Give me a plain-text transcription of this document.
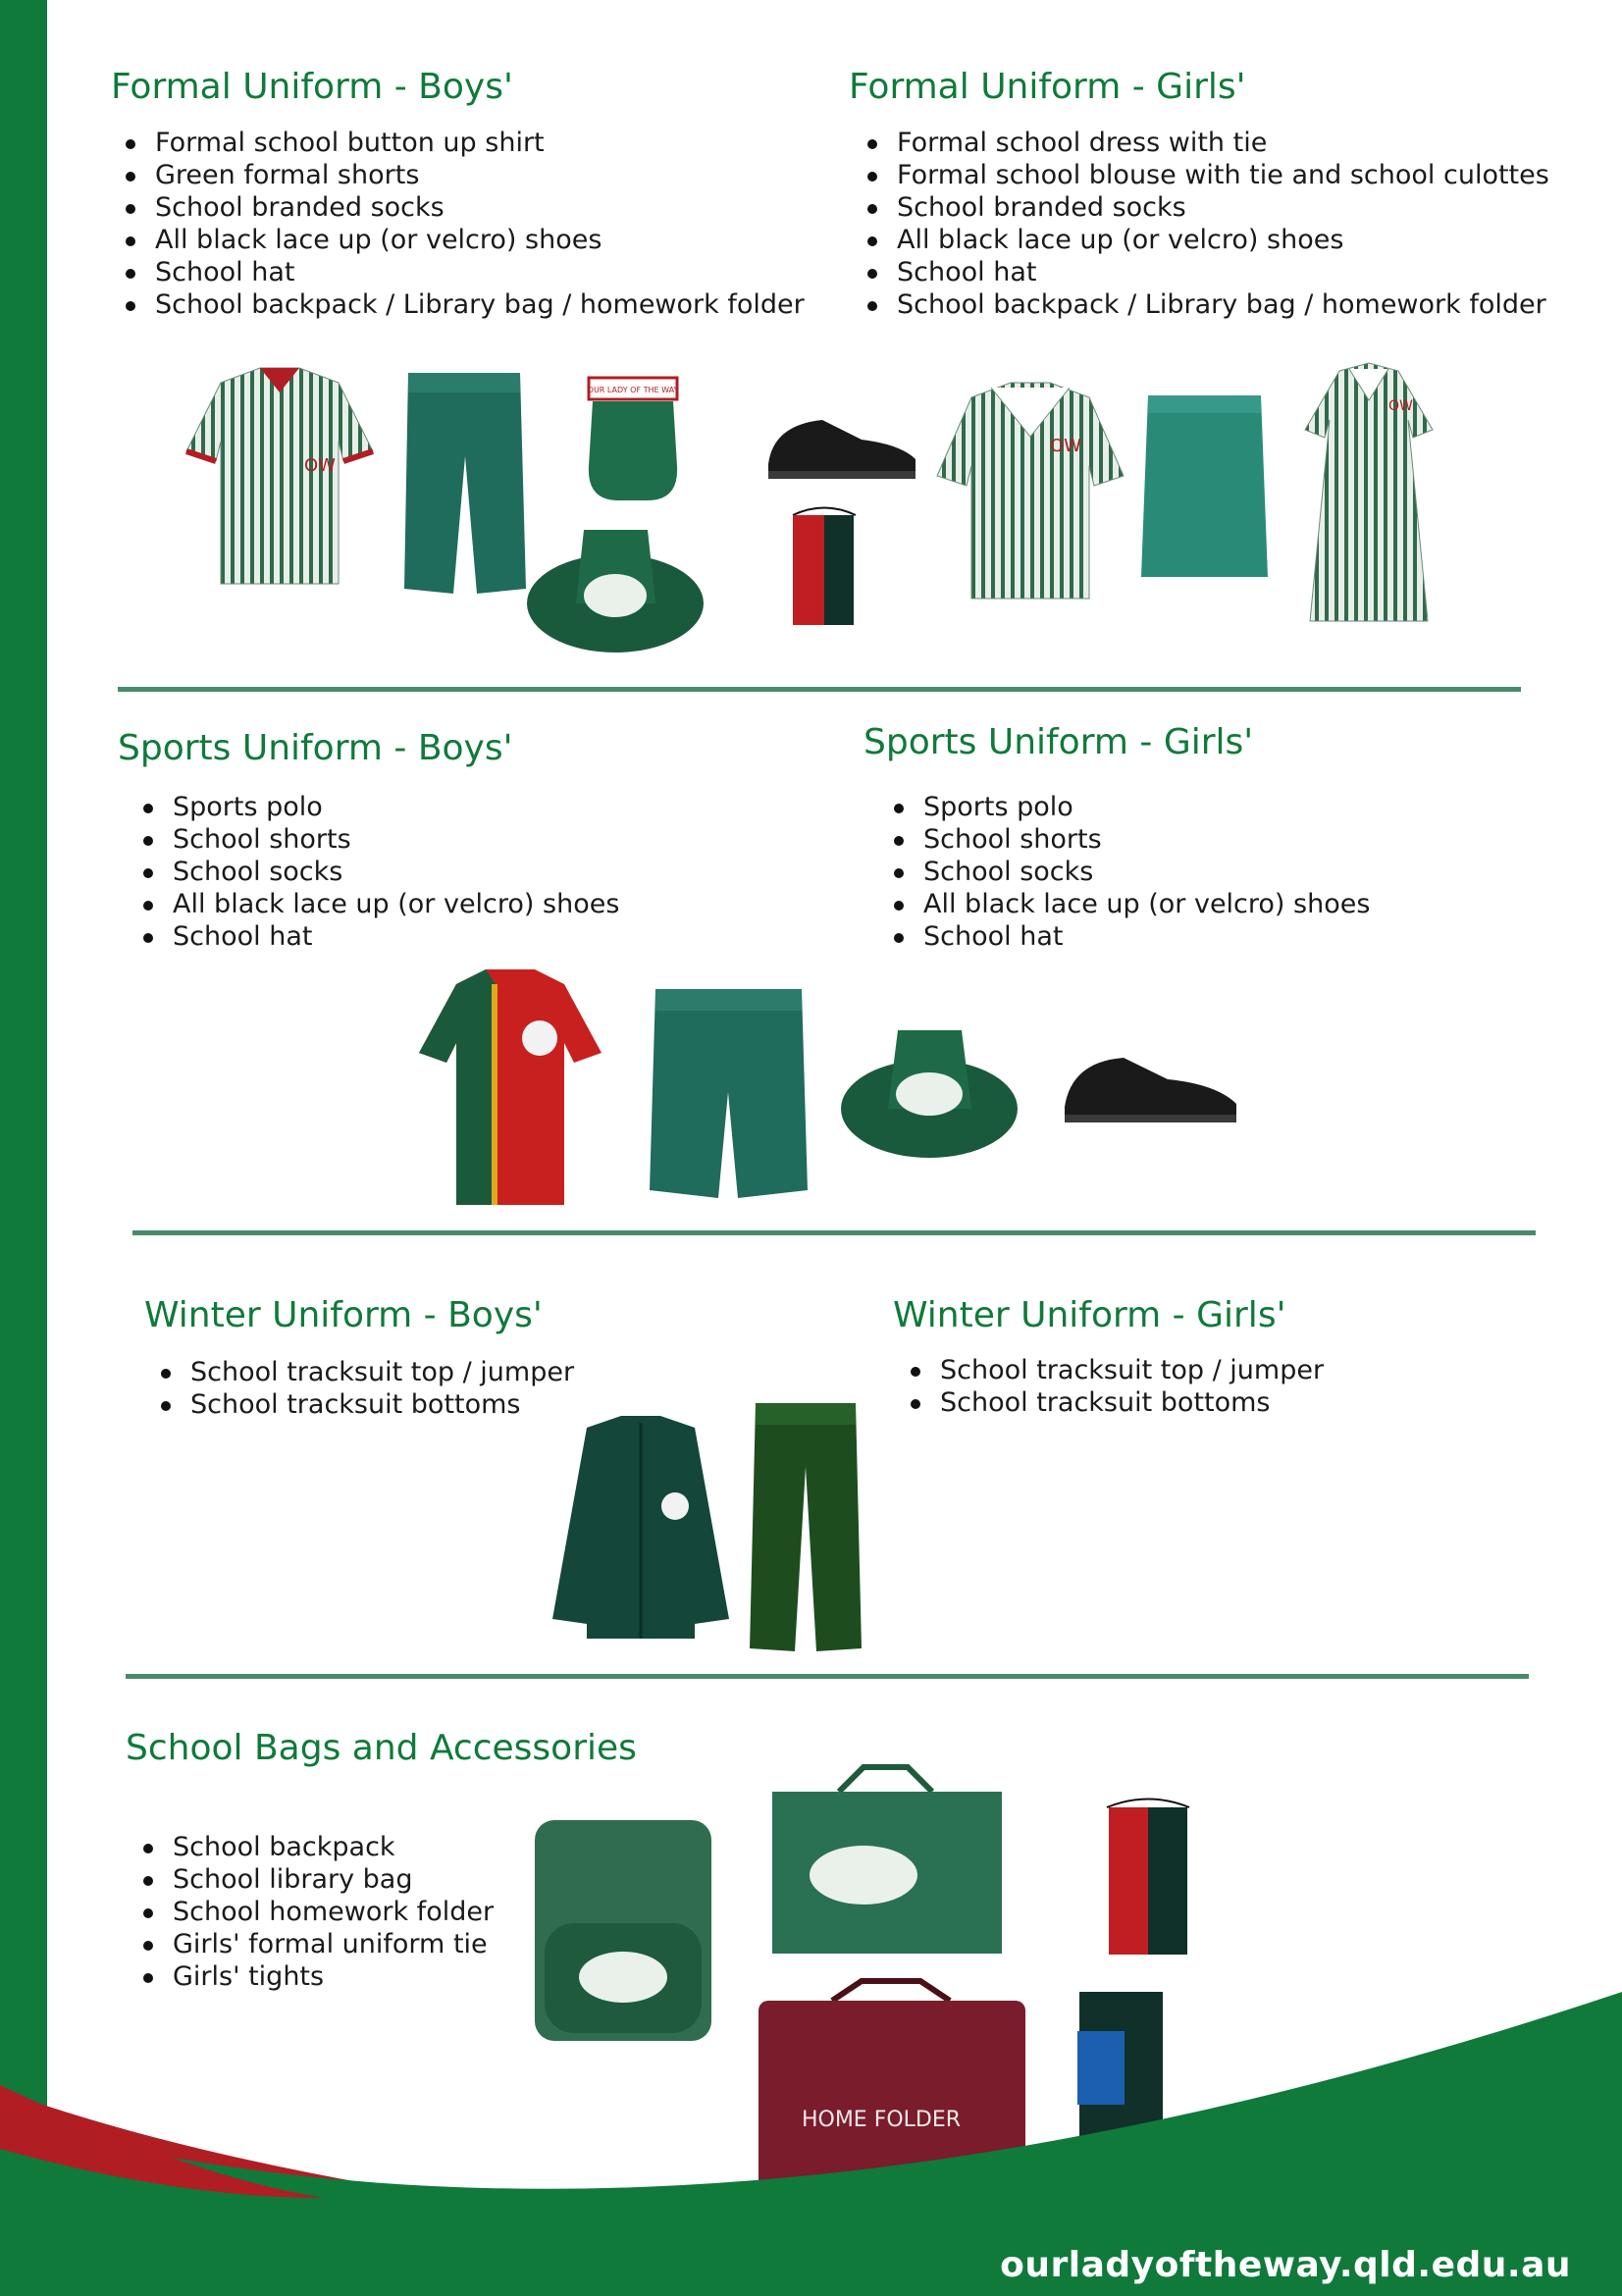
Formal Uniform - Boys'
Formal school button up shirt
Green formal shorts
School branded socks
All black lace up (or velcro) shoes
School hat
School backpack / Library bag / homework folder
Formal Uniform - Girls'
Formal school dress with tie
Formal school blouse with tie and school culottes
School branded socks
All black lace up (or velcro) shoes
School hat
School backpack / Library bag / homework folder
OW
OUR LADY OF THE WAY
OW
OW
Sports Uniform - Boys'
Sports polo
School shorts
School socks
All black lace up (or velcro) shoes
School hat
Sports Uniform - Girls'
Sports polo
School shorts
School socks
All black lace up (or velcro) shoes
School hat
Winter Uniform - Boys'
School tracksuit top / jumper
School tracksuit bottoms
Winter Uniform - Girls'
School tracksuit top / jumper
School tracksuit bottoms
School Bags and Accessories
School backpack
School library bag
School homework folder
Girls' formal uniform tie
Girls' tights
HOME FOLDER
ourladyoftheway.qld.edu.au
